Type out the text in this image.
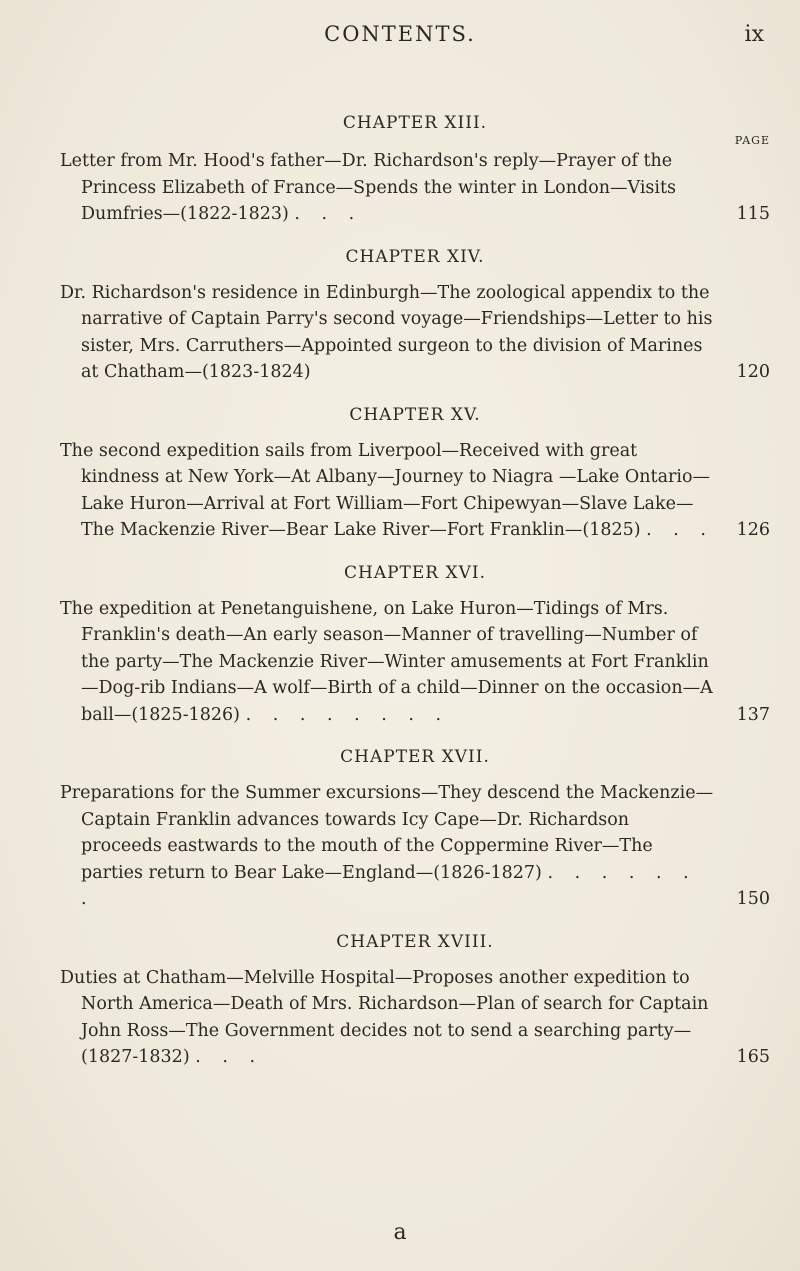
CONTENTS.	ix
CHAPTER XIII.
PAGE
Letter from Mr. Hood's father—Dr. Richardson's reply—Prayer of the Princess Elizabeth of France—Spends the winter in London—Visits Dumfries—(1822-1823) . . .	115
CHAPTER XIV.
Dr. Richardson's residence in Edinburgh—The zoological appendix to the narrative of Captain Parry's second voyage—Friendships—Letter to his sister, Mrs. Carruthers—Appointed surgeon to the division of Marines at Chatham—(1823-1824)	120
CHAPTER XV.
The second expedition sails from Liverpool—Received with great kindness at New York—At Albany—Journey to Niagra —Lake Ontario—Lake Huron—Arrival at Fort William—Fort Chipewyan—Slave Lake—The Mackenzie River—Bear Lake River—Fort Franklin—(1825) . . .	126
CHAPTER XVI.
The expedition at Penetanguishene, on Lake Huron—Tidings of Mrs. Franklin's death—An early season—Manner of travelling—Number of the party—The Mackenzie River—Winter amusements at Fort Franklin—Dog-rib Indians—A wolf—Birth of a child—Dinner on the occasion—A ball—(1825-1826) . . . . . . . .	137
CHAPTER XVII.
Preparations for the Summer excursions—They descend the Mackenzie—Captain Franklin advances towards Icy Cape—Dr. Richardson proceeds eastwards to the mouth of the Coppermine River—The parties return to Bear Lake—England—(1826-1827) . . . . . . .	150
CHAPTER XVIII.
Duties at Chatham—Melville Hospital—Proposes another expedition to North America—Death of Mrs. Richardson—Plan of search for Captain John Ross—The Government decides not to send a searching party—(1827-1832) . . .	165
a
